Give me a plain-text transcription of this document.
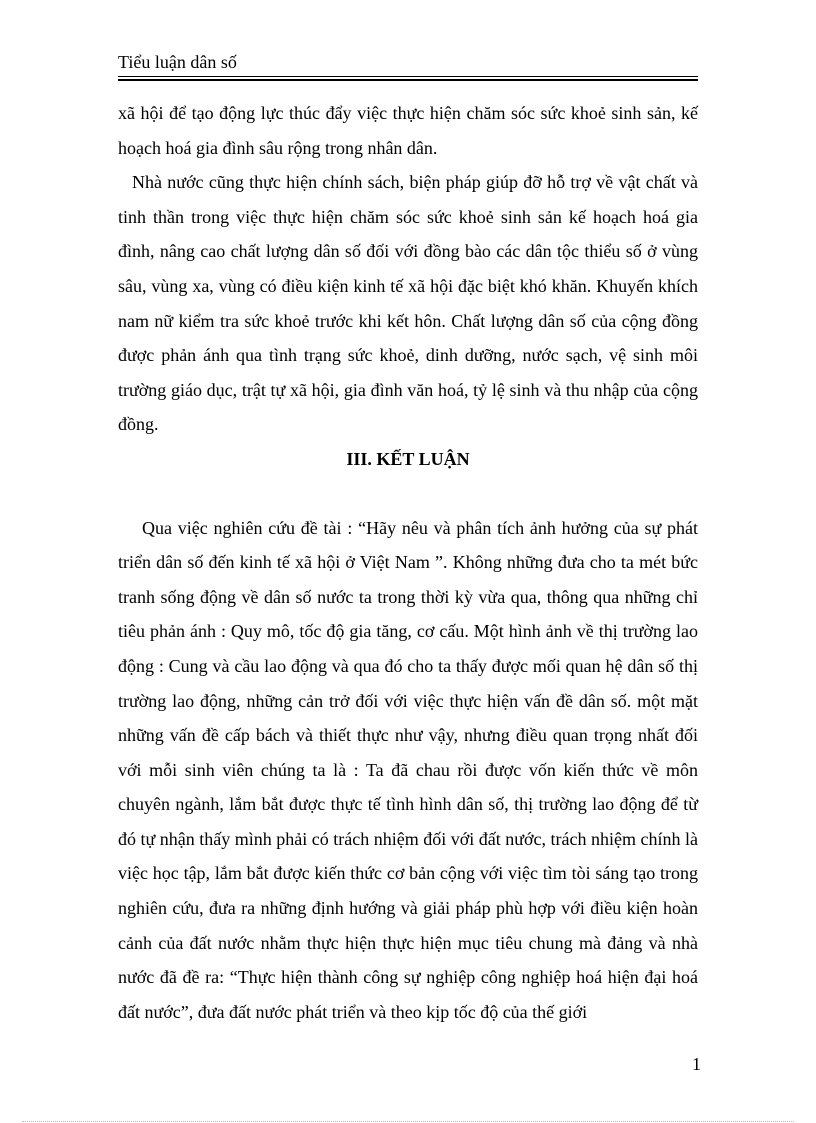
Tiểu luận dân số

xã hội để tạo động lực thúc đẩy việc thực hiện chăm sóc sức khoẻ sinh sản, kế hoạch hoá gia đình sâu rộng trong nhân dân.

Nhà nước cũng thực hiện chính sách, biện pháp giúp đỡ hỗ trợ về vật chất và tinh thần trong việc thực hiện chăm sóc sức khoẻ sinh sản kế hoạch hoá gia đình, nâng cao chất lượng dân số đối với đồng bào các dân tộc thiểu số ở vùng sâu, vùng xa, vùng có điều kiện kinh tế xã hội đặc biệt khó khăn. Khuyến khích nam nữ kiểm tra sức khoẻ trước khi kết hôn. Chất lượng dân số của cộng đồng được phản ánh qua tình trạng sức khoẻ, dinh dưỡng, nước sạch, vệ sinh môi trường giáo dục, trật tự xã hội, gia đình văn hoá, tỷ lệ sinh và thu nhập của cộng đồng.

III. KẾT LUẬN

Qua việc nghiên cứu đề tài : “Hãy nêu và phân tích ảnh hưởng của sự phát triển dân số đến kinh tế xã hội ở Việt Nam ”. Không những đưa cho ta mét bức tranh sống động về dân số nước ta trong thời kỳ vừa qua, thông qua những chỉ tiêu phản ánh : Quy mô, tốc độ gia tăng, cơ cấu. Một hình ảnh về thị trường lao động : Cung và cầu lao động và qua đó cho ta thấy được mối quan hệ dân số thị trường lao động, những cản trở đối với việc thực hiện vấn đề dân số. một mặt những vấn đề cấp bách và thiết thực như vậy, nhưng điều quan trọng nhất đối với mỗi sinh viên chúng ta là : Ta đã chau rồi được vốn kiến thức về môn chuyên ngành, lắm bắt được thực tế tình hình dân số, thị trường lao động để từ đó tự nhận thấy mình phải có trách nhiệm đối với đất nước, trách nhiệm chính là việc học tập, lắm bắt được kiến thức cơ bản cộng với việc tìm tòi sáng tạo trong nghiên cứu, đưa ra những định hướng và giải pháp phù hợp với điều kiện hoàn cảnh của đất nước nhằm thực hiện thực hiện mục tiêu chung mà đảng và nhà nước đã đề ra: “Thực hiện thành công sự nghiệp công nghiệp hoá hiện đại hoá đất nước”, đưa đất nước phát triển và theo kịp tốc độ của thế giới

1
